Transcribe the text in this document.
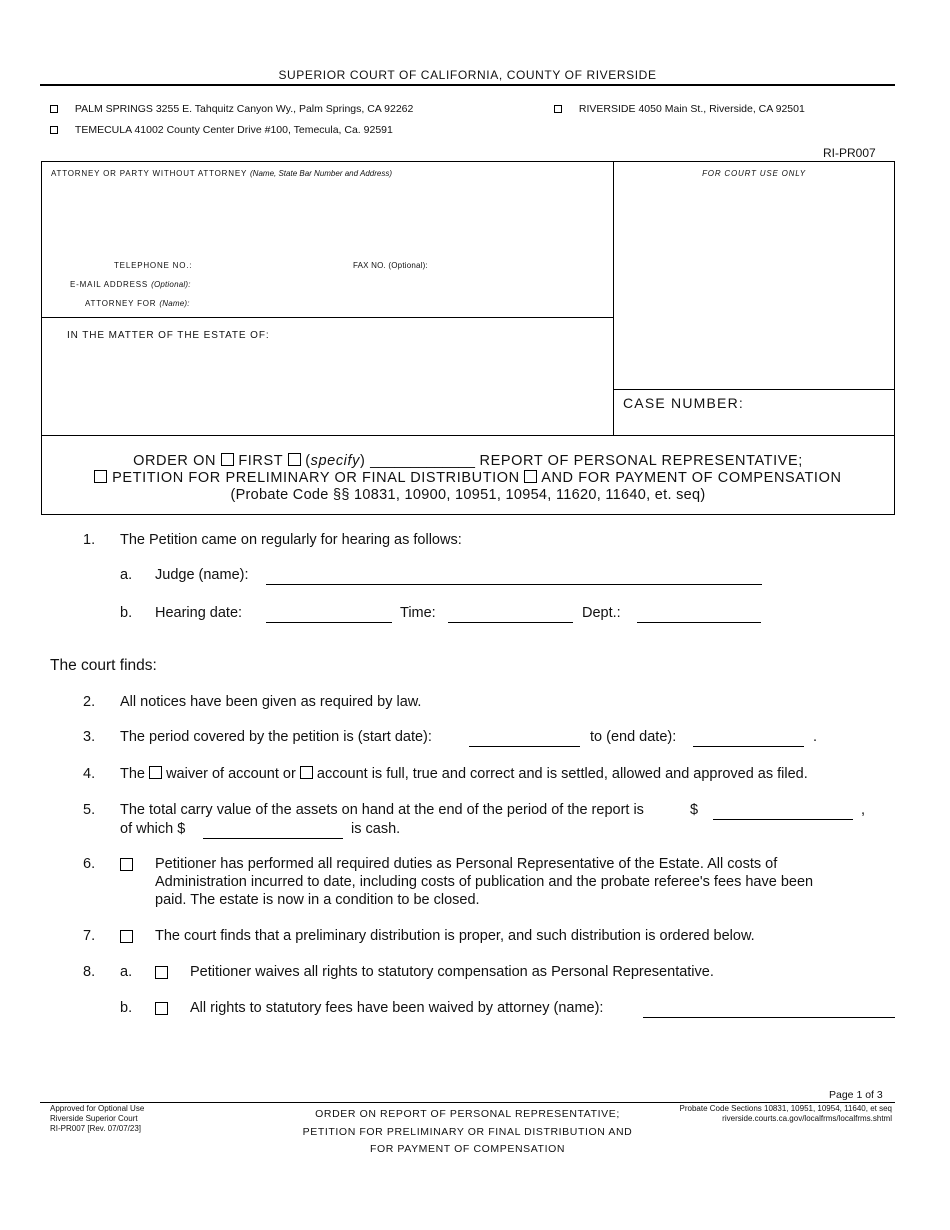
SUPERIOR COURT OF CALIFORNIA, COUNTY OF RIVERSIDE
PALM SPRINGS 3255 E. Tahquitz Canyon Wy., Palm Springs, CA 92262
TEMECULA 41002 County Center Drive #100, Temecula, Ca. 92591
RIVERSIDE 4050 Main St., Riverside, CA 92501
RI-PR007
ATTORNEY OR PARTY WITHOUT ATTORNEY (Name, State Bar Number and Address)	FOR COURT USE ONLY
TELEPHONE NO.:	FAX NO. (Optional):
E-MAIL ADDRESS (Optional):
ATTORNEY FOR (Name):
IN THE MATTER OF THE ESTATE OF:
CASE NUMBER:
ORDER ON FIRST  (specify) _____________ REPORT OF PERSONAL REPRESENTATIVE;
PETITION FOR PRELIMINARY OR FINAL DISTRIBUTION AND FOR PAYMENT OF COMPENSATION
(Probate Code §§ 10831, 10900, 10951, 10954, 11620, 11640, et. seq)
1. The Petition came on regularly for hearing as follows:
a. Judge (name):
b. Hearing date:	Time:	Dept.:
The court finds:
2. All notices have been given as required by law.
3. The period covered by the petition is (start date):	to (end date):	.
4. The waiver of account or account is full, true and correct and is settled, allowed and approved as filed.
5. The total carry value of the assets on hand at the end of the period of the report is	$	,
of which $	is cash.
6.	Petitioner has performed all required duties as Personal Representative of the Estate. All costs of
Administration incurred to date, including costs of publication and the probate referee's fees have been
paid. The estate is now in a condition to be closed.
7.	The court finds that a preliminary distribution is proper, and such distribution is ordered below.
8. a.	Petitioner waives all rights to statutory compensation as Personal Representative.
b.	All rights to statutory fees have been waived by attorney (name):
Page 1 of 3
Approved for Optional Use
Riverside Superior Court
RI-PR007 [Rev. 07/07/23]
ORDER ON REPORT OF PERSONAL REPRESENTATIVE;
PETITION FOR PRELIMINARY OR FINAL DISTRIBUTION AND
FOR PAYMENT OF COMPENSATION
Probate Code Sections 10831, 10951, 10954, 11640, et seq
riverside.courts.ca.gov/localfrms/localfrms.shtml
